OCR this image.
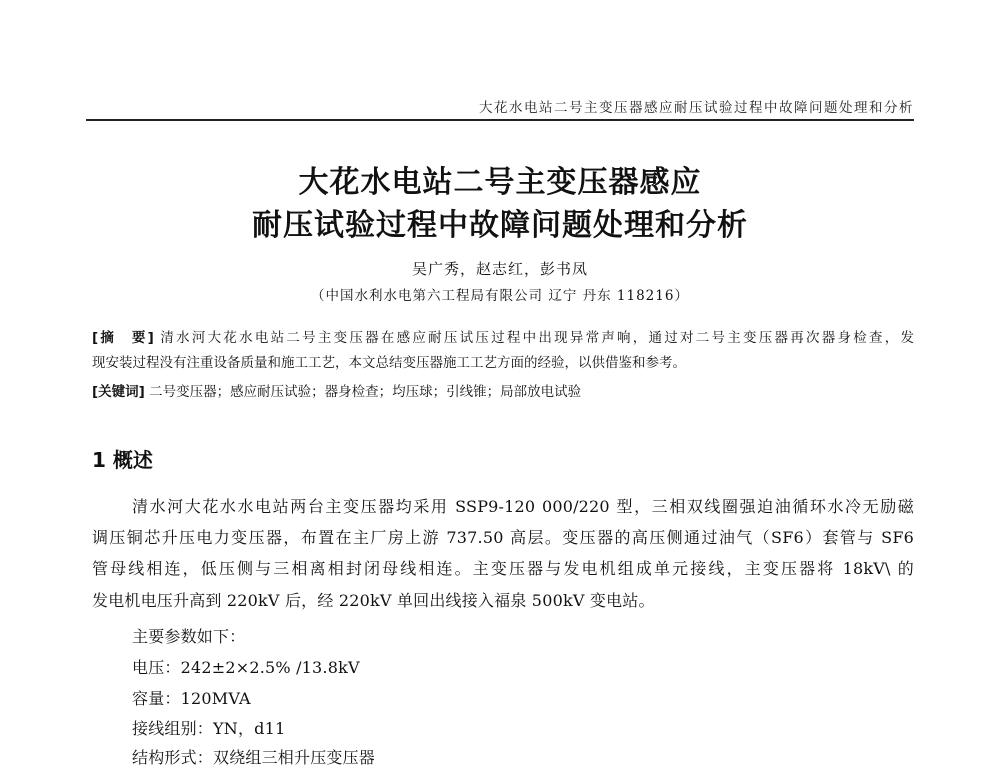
大花水电站二号主变压器感应耐压试验过程中故障问题处理和分析
大花水电站二号主变压器感应
耐压试验过程中故障问题处理和分析
吴广秀，赵志红，彭书凤
（中国水利水电第六工程局有限公司 辽宁 丹东 118216）
[摘　要] 清水河大花水电站二号主变压器在感应耐压试压过程中出现异常声响，通过对二号主变压器再次器身检查，发
现安装过程没有注重设备质量和施工工艺，本文总结变压器施工工艺方面的经验，以供借鉴和参考。
[关键词] 二号变压器；感应耐压试验；器身检查；均压球；引线锥；局部放电试验
1 概述
清水河大花水水电站两台主变压器均采用 SSP9-120 000/220 型，三相双线圈强迫油循环水冷无励磁
调压铜芯升压电力变压器，布置在主厂房上游 737.50 高层。变压器的高压侧通过油气（SF6）套管与 SF6
管母线相连，低压侧与三相离相封闭母线相连。主变压器与发电机组成单元接线，主变压器将 18kV\ 的
发电机电压升高到 220kV 后，经 220kV 单回出线接入福泉 500kV 变电站。
主要参数如下：
电压：242±2×2.5% /13.8kV
容量：120MVA
接线组别：YN，d11
结构形式：双绕组三相升压变压器
